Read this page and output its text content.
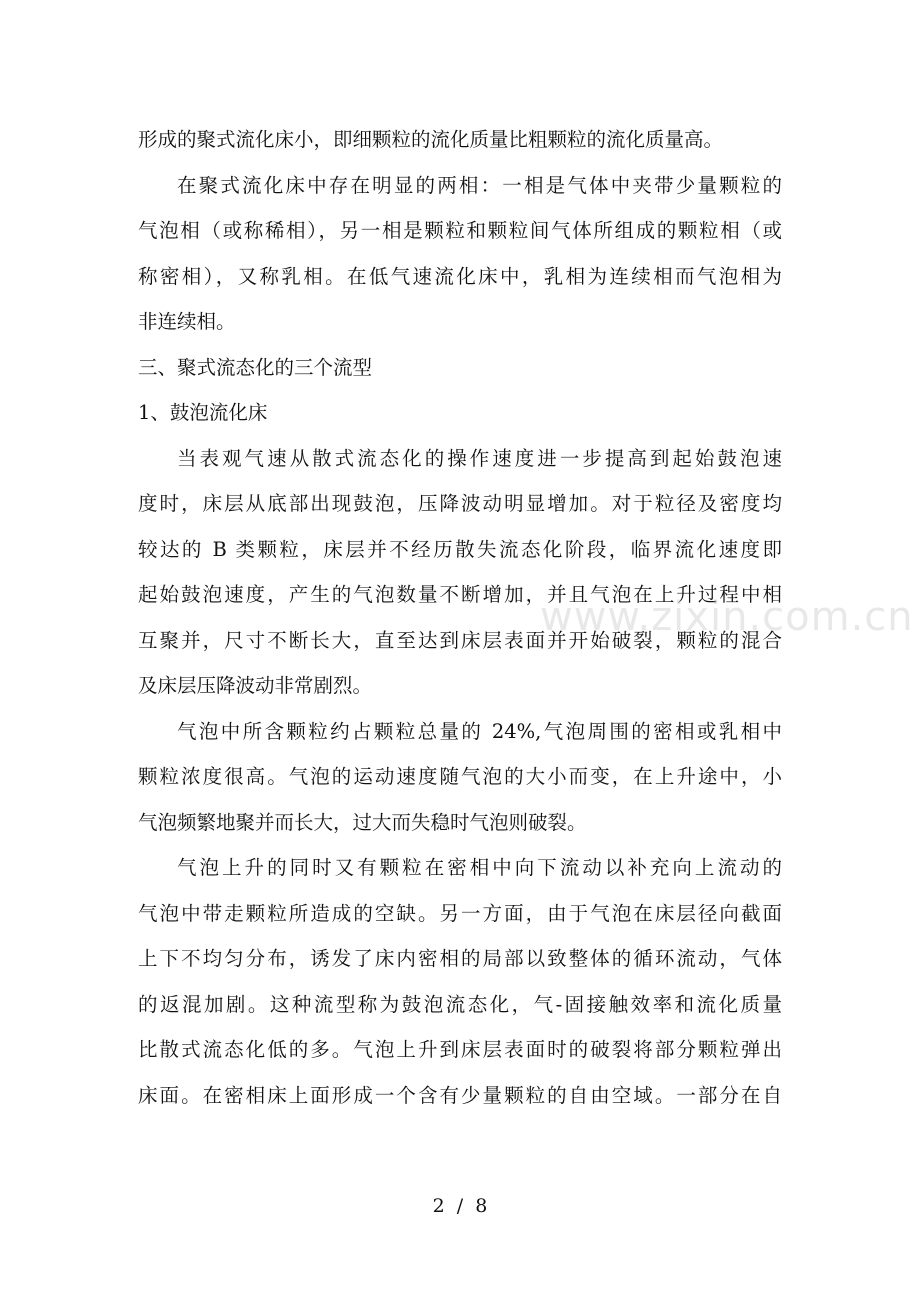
形成的聚式流化床小，即细颗粒的流化质量比粗颗粒的流化质量高。
在聚式流化床中存在明显的两相：一相是气体中夹带少量颗粒的
气泡相（或称稀相），另一相是颗粒和颗粒间气体所组成的颗粒相（或
称密相），又称乳相。在低气速流化床中，乳相为连续相而气泡相为
非连续相。
三、聚式流态化的三个流型
1、鼓泡流化床
当表观气速从散式流态化的操作速度进一步提高到起始鼓泡速
度时，床层从底部出现鼓泡，压降波动明显增加。对于粒径及密度均
较达的 B 类颗粒，床层并不经历散失流态化阶段，临界流化速度即
起始鼓泡速度，产生的气泡数量不断增加，并且气泡在上升过程中相
互聚并，尺寸不断长大，直至达到床层表面并开始破裂，颗粒的混合
及床层压降波动非常剧烈。
气泡中所含颗粒约占颗粒总量的 24%,气泡周围的密相或乳相中
颗粒浓度很高。气泡的运动速度随气泡的大小而变，在上升途中，小
气泡频繁地聚并而长大，过大而失稳时气泡则破裂。
气泡上升的同时又有颗粒在密相中向下流动以补充向上流动的
气泡中带走颗粒所造成的空缺。另一方面，由于气泡在床层径向截面
上下不均匀分布，诱发了床内密相的局部以致整体的循环流动，气体
的返混加剧。这种流型称为鼓泡流态化，气-固接触效率和流化质量
比散式流态化低的多。气泡上升到床层表面时的破裂将部分颗粒弹出
床面。在密相床上面形成一个含有少量颗粒的自由空域。一部分在自
www.zixin.com.cn
2 / 8
